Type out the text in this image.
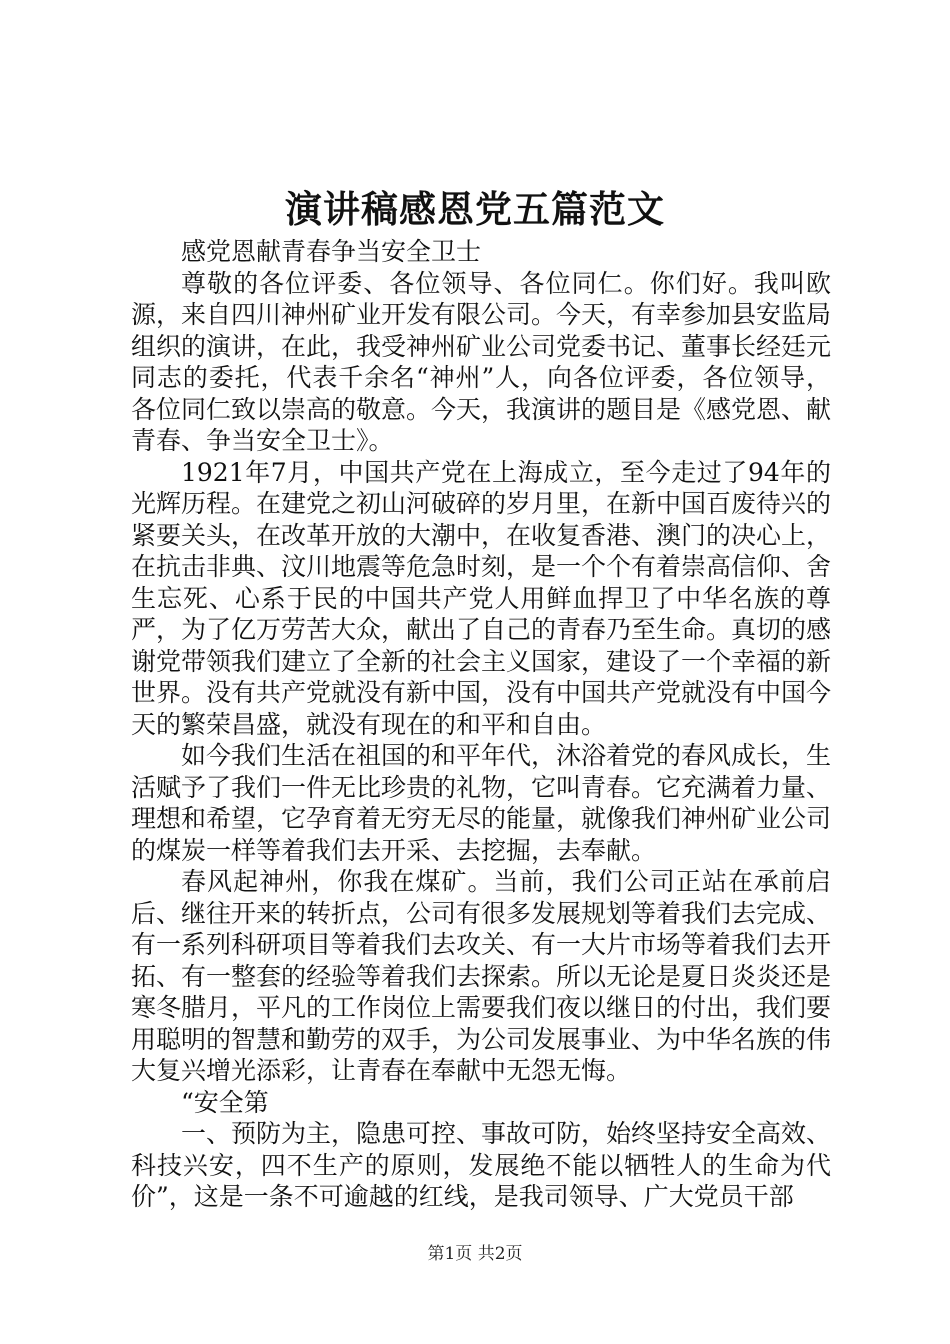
演讲稿感恩党五篇范文

感党恩献青春争当安全卫士

尊敬的各位评委、各位领导、各位同仁。你们好。我叫欧源，来自四川神州矿业开发有限公司。今天，有幸参加县安监局组织的演讲，在此，我受神州矿业公司党委书记、董事长经廷元同志的委托，代表千余名“神州”人，向各位评委，各位领导，各位同仁致以崇高的敬意。今天，我演讲的题目是《感党恩、献青春、争当安全卫士》。

1921年7月，中国共产党在上海成立，至今走过了94年的光辉历程。在建党之初山河破碎的岁月里，在新中国百废待兴的紧要关头，在改革开放的大潮中，在收复香港、澳门的决心上，在抗击非典、汶川地震等危急时刻，是一个个有着崇高信仰、舍生忘死、心系于民的中国共产党人用鲜血捍卫了中华名族的尊严，为了亿万劳苦大众，献出了自己的青春乃至生命。真切的感谢党带领我们建立了全新的社会主义国家，建设了一个幸福的新世界。没有共产党就没有新中国，没有中国共产党就没有中国今天的繁荣昌盛，就没有现在的和平和自由。

如今我们生活在祖国的和平年代，沐浴着党的春风成长，生活赋予了我们一件无比珍贵的礼物，它叫青春。它充满着力量、理想和希望，它孕育着无穷无尽的能量，就像我们神州矿业公司的煤炭一样等着我们去开采、去挖掘，去奉献。

春风起神州，你我在煤矿。当前，我们公司正站在承前启后、继往开来的转折点，公司有很多发展规划等着我们去完成、有一系列科研项目等着我们去攻关、有一大片市场等着我们去开拓、有一整套的经验等着我们去探索。所以无论是夏日炎炎还是寒冬腊月，平凡的工作岗位上需要我们夜以继日的付出，我们要用聪明的智慧和勤劳的双手，为公司发展事业、为中华名族的伟大复兴增光添彩，让青春在奉献中无怨无悔。

“安全第

一、预防为主，隐患可控、事故可防，始终坚持安全高效、科技兴安，四不生产的原则，发展绝不能以牺牲人的生命为代价”，这是一条不可逾越的红线，是我司领导、广大党员干部

第1页 共2页
